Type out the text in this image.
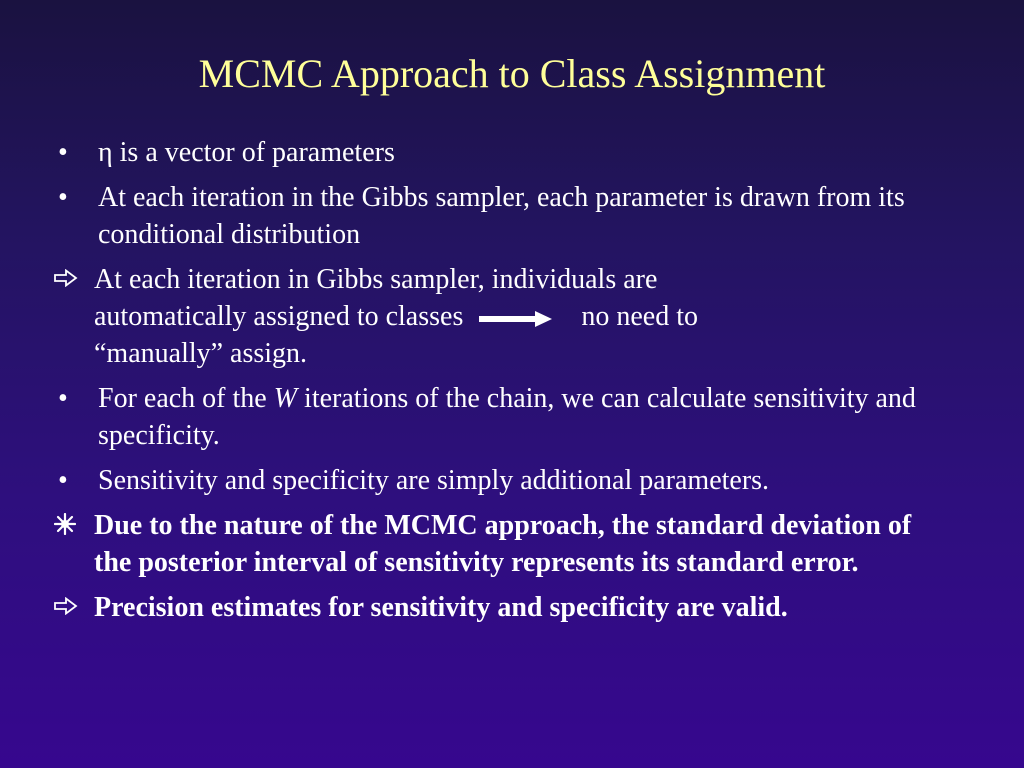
MCMC Approach to Class Assignment
•	η is a vector of parameters
•	At each iteration in the Gibbs sampler, each parameter is drawn from its conditional distribution
At each iteration in Gibbs sampler, individuals are
automatically assigned to classes	no need to
“manually” assign.
•	For each of the W iterations of the chain, we can calculate sensitivity and specificity.
•	Sensitivity and specificity are simply additional parameters.
Due to the nature of the MCMC approach, the standard deviation of the posterior interval of sensitivity represents its standard error.
Precision estimates for sensitivity and specificity are valid.
